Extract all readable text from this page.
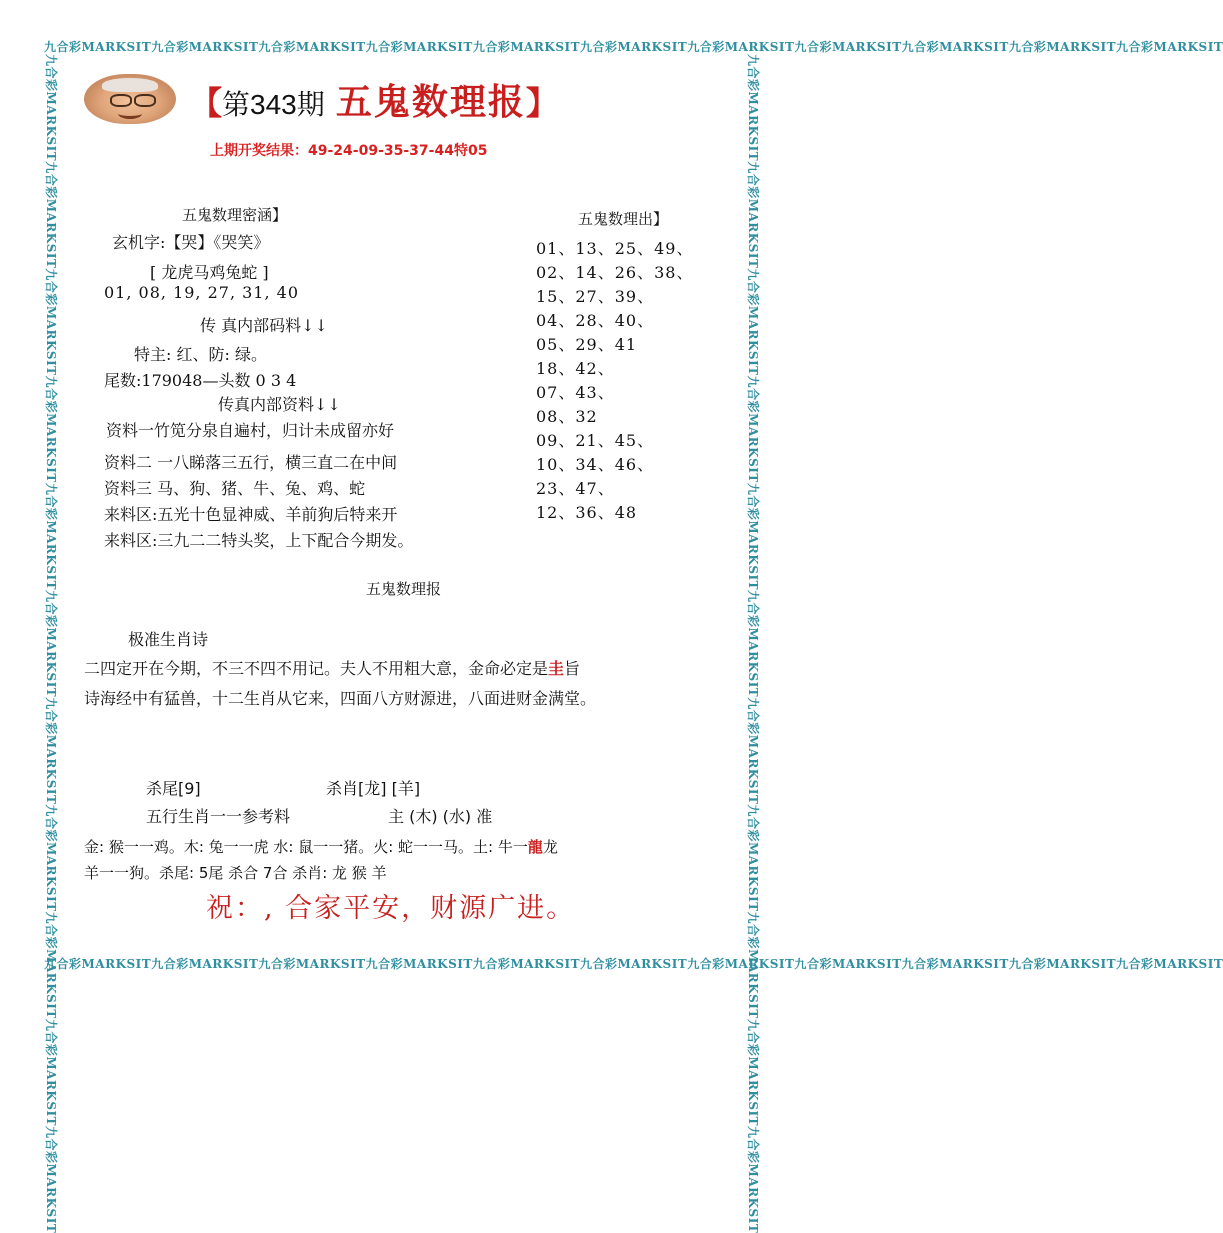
九合彩MARKSIT九合彩MARKSIT九合彩MARKSIT九合彩MARKSIT九合彩MARKSIT九合彩MARKSIT九合彩MARKSIT九合彩MARKSIT九合彩MARKSIT九合彩MARKSIT九合彩MARKSIT
九合彩MARKSIT九合彩MARKSIT九合彩MARKSIT九合彩MARKSIT九合彩MARKSIT九合彩MARKSIT九合彩MARKSIT九合彩MARKSIT九合彩MARKSIT九合彩MARKSIT九合彩MARKSIT
九合彩MARKSIT九合彩MARKSIT九合彩MARKSIT九合彩MARKSIT九合彩MARKSIT九合彩MARKSIT九合彩MARKSIT九合彩MARKSIT九合彩MARKSIT九合彩MARKSIT九合彩MARKSIT	九合彩MARKSIT九合彩MARKSIT九合彩MARKSIT九合彩MARKSIT九合彩MARKSIT九合彩MARKSIT九合彩MARKSIT九合彩MARKSIT九合彩MARKSIT九合彩MARKSIT九合彩MARKSIT
【第343期 五鬼数理报】
上期开奖结果：49-24-09-35-37-44特05
五鬼数理密涵】
玄机字:【哭】《哭笑》
[ 龙虎马鸡兔蛇 ]
01, 08, 19, 27, 31, 40
传 真内部码料↓↓
特主: 红、防: 绿。
尾数:179048—头数 0 3 4
传真内部资料↓↓
资料一竹笕分泉自遍村，归计未成留亦好
资料二 一八睇落三五行，横三直二在中间
资料三 马、狗、猪、牛、兔、鸡、蛇
来料区:五光十色显神威、羊前狗后特来开
来料区:三九二二特头奖，上下配合今期发。
五鬼数理出】
01、13、25、49、
02、14、26、38、
15、27、39、
04、28、40、
05、29、41
18、42、
07、43、
08、32
09、21、45、
10、34、46、
23、47、
12、36、48
五鬼数理报
极准生肖诗
二四定开在今期，不三不四不用记。夫人不用粗大意，金命必定是圭旨
诗海经中有猛兽，十二生肖从它来，四面八方财源进，八面进财金满堂。
杀尾[9]	杀肖[龙] [羊]
五行生肖一一参考料	主 (木) (水) 准
金: 猴一一鸡。木: 兔一一虎 水: 鼠一一猪。火: 蛇一一马。土: 牛一龍龙
羊一一狗。杀尾: 5尾 杀合 7合 杀肖: 龙 猴 羊
祝：, 合家平安，财源广进。
